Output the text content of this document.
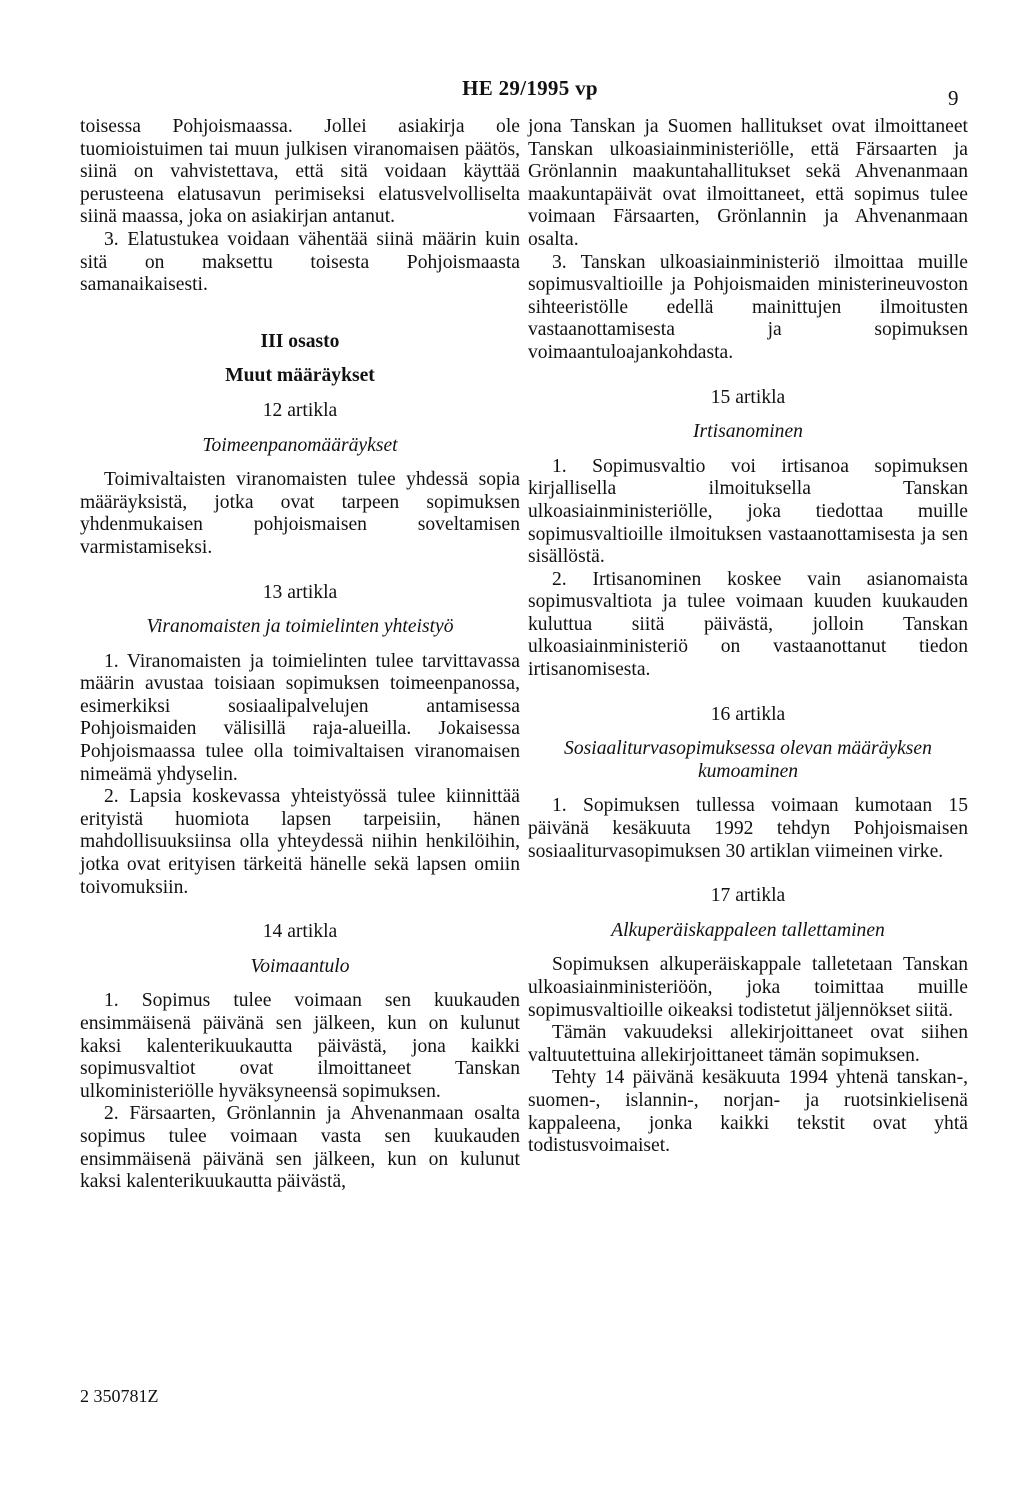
HE 29/1995 vp	9

toisessa Pohjoismaassa. Jollei asiakirja ole tuomioistuimen tai muun julkisen viranomaisen päätös, siinä on vahvistettava, että sitä voidaan käyttää perusteena elatusavun perimiseksi elatusvelvolliselta siinä maassa, joka on asiakirjan antanut.

3. Elatustukea voidaan vähentää siinä määrin kuin sitä on maksettu toisesta Pohjoismaasta samanaikaisesti.

III osasto

Muut määräykset

12 artikla

Toimeenpanomääräykset

Toimivaltaisten viranomaisten tulee yhdessä sopia määräyksistä, jotka ovat tarpeen sopimuksen yhdenmukaisen pohjoismaisen soveltamisen varmistamiseksi.

13 artikla

Viranomaisten ja toimielinten yhteistyö

1. Viranomaisten ja toimielinten tulee tarvittavassa määrin avustaa toisiaan sopimuksen toimeenpanossa, esimerkiksi sosiaalipalvelujen antamisessa Pohjoismaiden välisillä raja-alueilla. Jokaisessa Pohjoismaassa tulee olla toimivaltaisen viranomaisen nimeämä yhdyselin.

2. Lapsia koskevassa yhteistyössä tulee kiinnittää erityistä huomiota lapsen tarpeisiin, hänen mahdollisuuksiinsa olla yhteydessä niihin henkilöihin, jotka ovat erityisen tärkeitä hänelle sekä lapsen omiin toivomuksiin.

14 artikla

Voimaantulo

1. Sopimus tulee voimaan sen kuukauden ensimmäisenä päivänä sen jälkeen, kun on kulunut kaksi kalenterikuukautta päivästä, jona kaikki sopimusvaltiot ovat ilmoittaneet Tanskan ulkoministeriölle hyväksyneensä sopimuksen.

2. Färsaarten, Grönlannin ja Ahvenanmaan osalta sopimus tulee voimaan vasta sen kuukauden ensimmäisenä päivänä sen jälkeen, kun on kulunut kaksi kalenterikuukautta päivästä,

jona Tanskan ja Suomen hallitukset ovat ilmoittaneet Tanskan ulkoasiainministeriölle, että Färsaarten ja Grönlannin maakuntahallitukset sekä Ahvenanmaan maakuntapäivät ovat ilmoittaneet, että sopimus tulee voimaan Färsaarten, Grönlannin ja Ahvenanmaan osalta.

3. Tanskan ulkoasiainministeriö ilmoittaa muille sopimusvaltioille ja Pohjoismaiden ministerineuvoston sihteeristölle edellä mainittujen ilmoitusten vastaanottamisesta ja sopimuksen voimaantuloajankohdasta.

15 artikla

Irtisanominen

1. Sopimusvaltio voi irtisanoa sopimuksen kirjallisella ilmoituksella Tanskan ulkoasiainministeriölle, joka tiedottaa muille sopimusvaltioille ilmoituksen vastaanottamisesta ja sen sisällöstä.

2. Irtisanominen koskee vain asianomaista sopimusvaltiota ja tulee voimaan kuuden kuukauden kuluttua siitä päivästä, jolloin Tanskan ulkoasiainministeriö on vastaanottanut tiedon irtisanomisesta.

16 artikla

Sosiaaliturvasopimuksessa olevan määräyksen kumoaminen

1. Sopimuksen tullessa voimaan kumotaan 15 päivänä kesäkuuta 1992 tehdyn Pohjoismaisen sosiaaliturvasopimuksen 30 artiklan viimeinen virke.

17 artikla

Alkuperäiskappaleen tallettaminen

Sopimuksen alkuperäiskappale talletetaan Tanskan ulkoasiainministeriöön, joka toimittaa muille sopimusvaltioille oikeaksi todistetut jäljennökset siitä.

Tämän vakuudeksi allekirjoittaneet ovat siihen valtuutettuina allekirjoittaneet tämän sopimuksen.

Tehty 14 päivänä kesäkuuta 1994 yhtenä tanskan-, suomen-, islannin-, norjan- ja ruotsinkielisenä kappaleena, jonka kaikki tekstit ovat yhtä todistusvoimaiset.

2 350781Z
